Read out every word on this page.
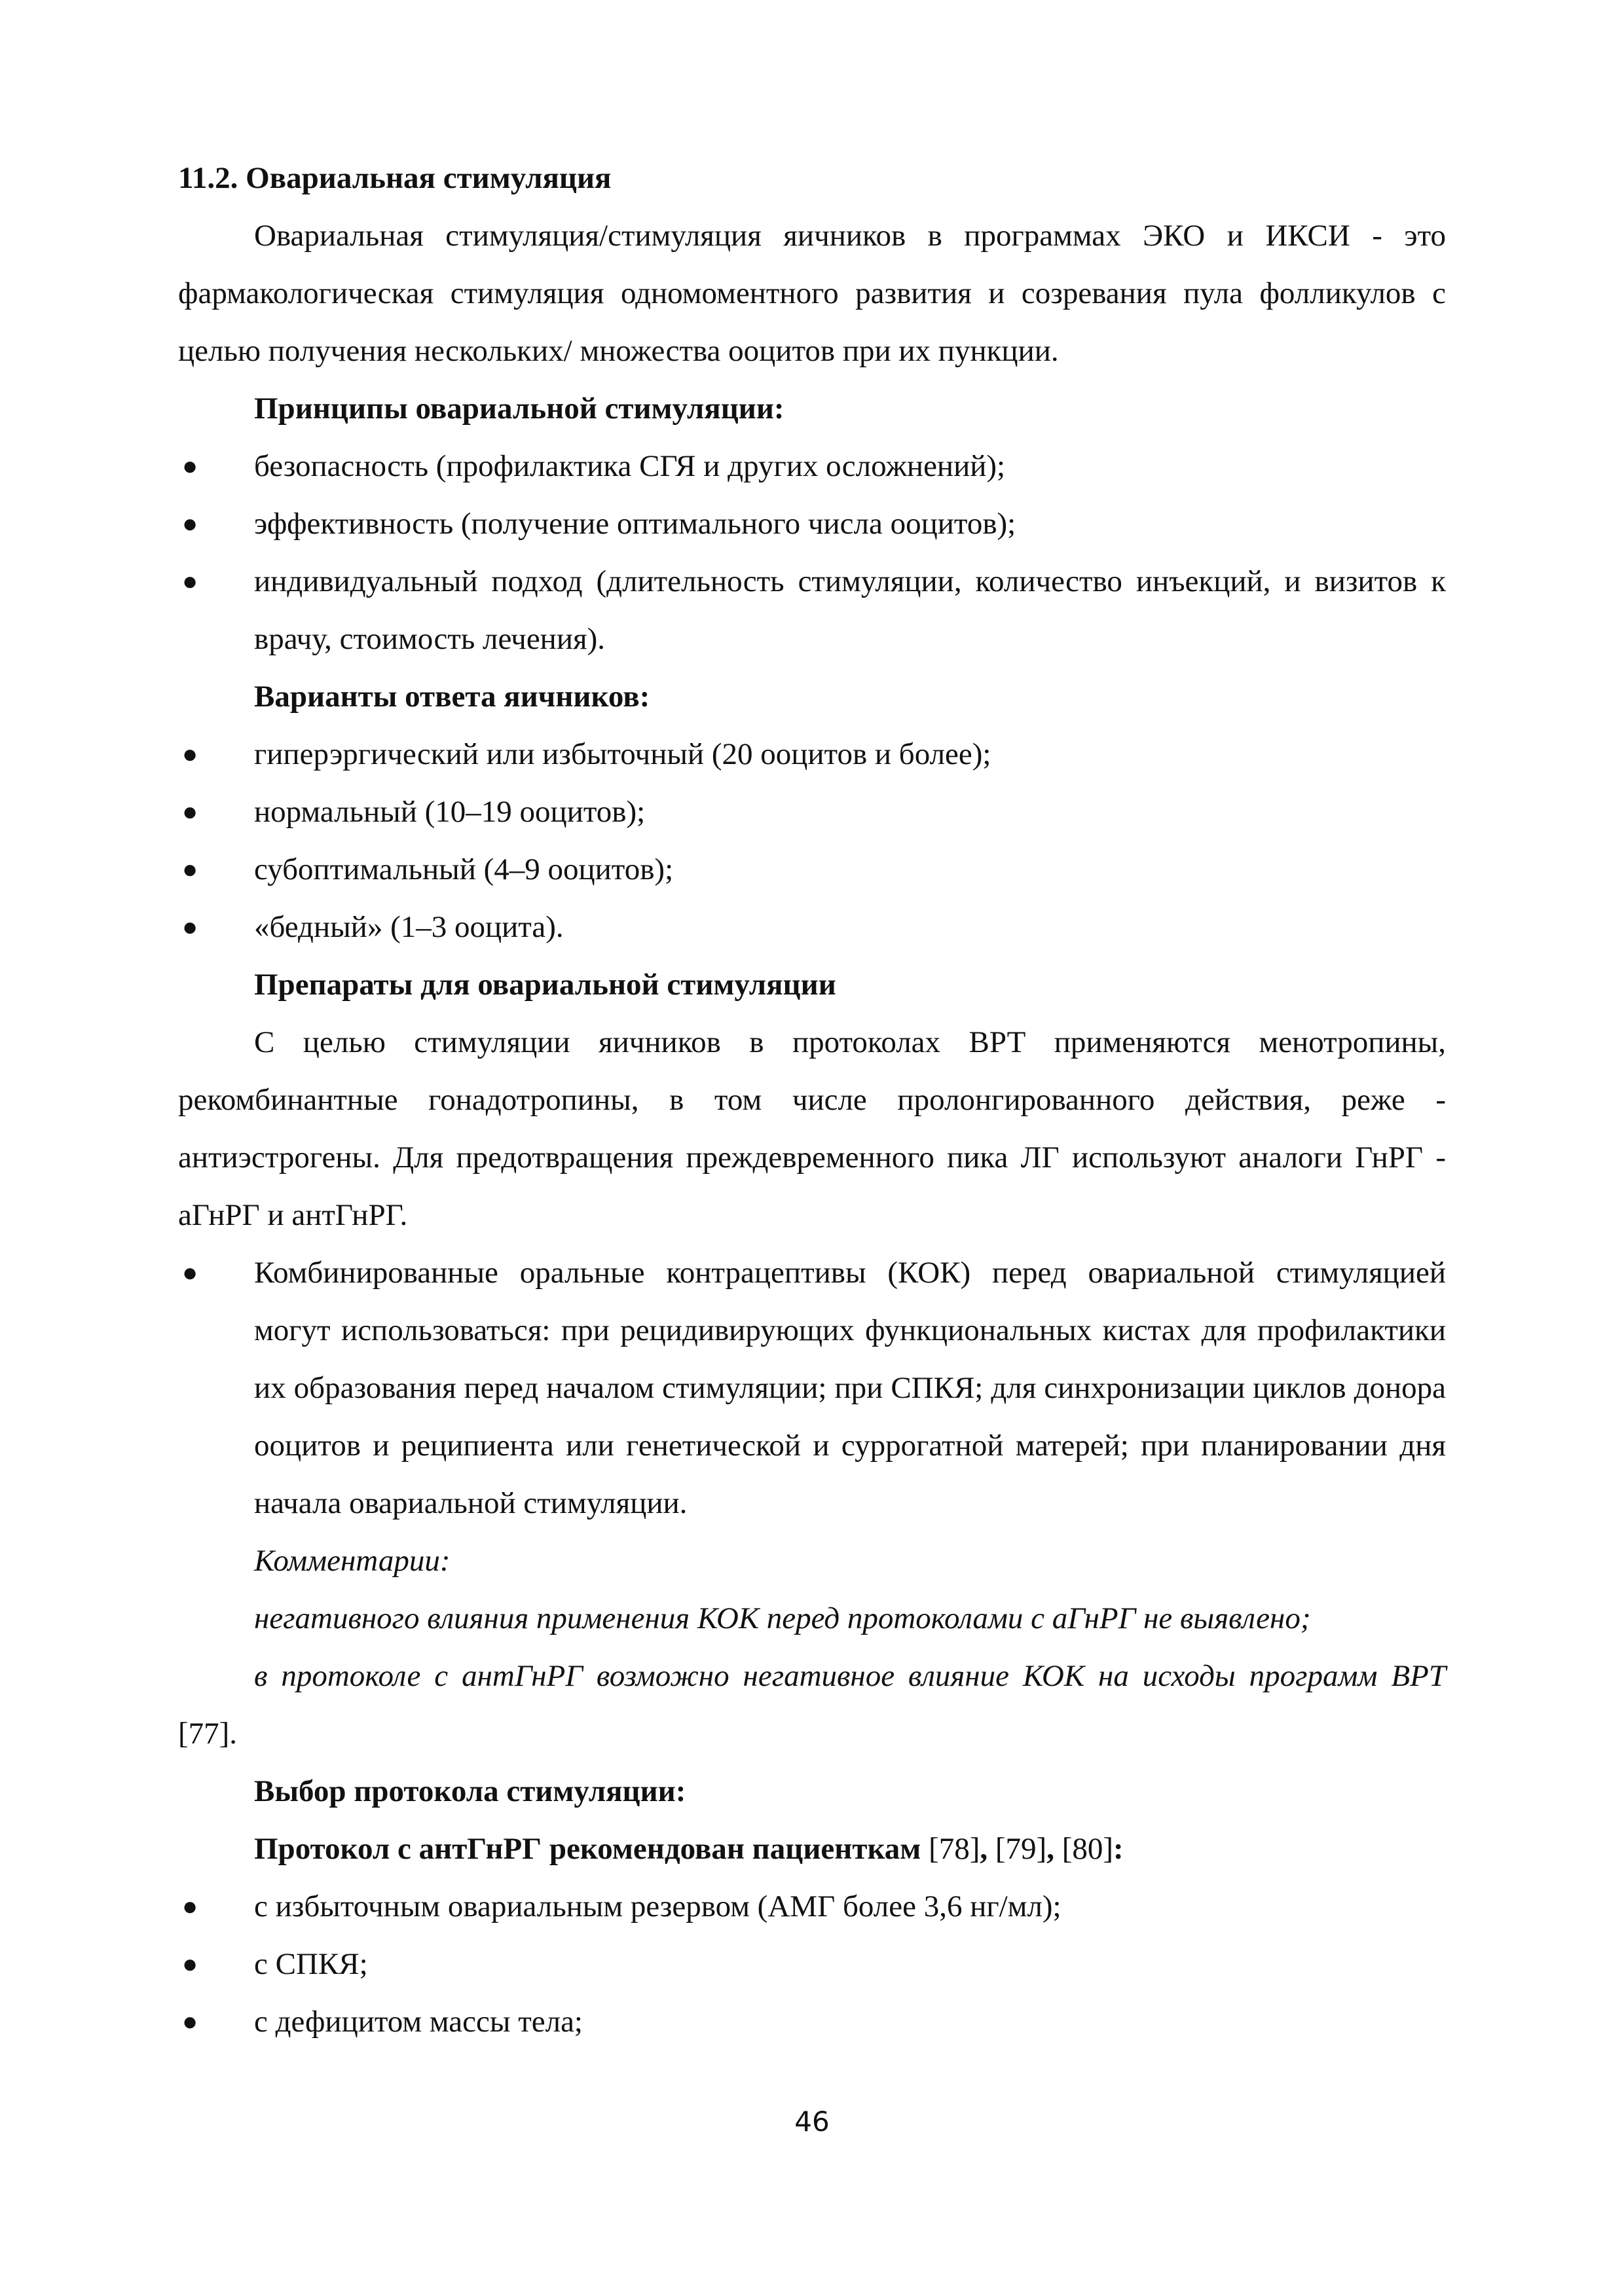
11.2. Овариальная стимуляция

Овариальная стимуляция/стимуляция яичников в программах ЭКО и ИКСИ - это фармакологическая стимуляция одномоментного развития и созревания пула фолликулов с целью получения нескольких/ множества ооцитов при их пункции.

Принципы овариальной стимуляции:

● безопасность (профилактика СГЯ и других осложнений);
● эффективность (получение оптимального числа ооцитов);
● индивидуальный подход (длительность стимуляции, количество инъекций, и визитов к врачу, стоимость лечения).

Варианты ответа яичников:

● гиперэргический или избыточный (20 ооцитов и более);
● нормальный (10–19 ооцитов);
● субоптимальный (4–9 ооцитов);
● «бедный» (1–3 ооцита).

Препараты для овариальной стимуляции

С целью стимуляции яичников в протоколах ВРТ применяются менотропины, рекомбинантные гонадотропины, в том числе пролонгированного действия, реже - антиэстрогены. Для предотвращения преждевременного пика ЛГ используют аналоги ГнРГ - аГнРГ и антГнРГ.

● Комбинированные оральные контрацептивы (КОК) перед овариальной стимуляцией могут использоваться: при рецидивирующих функциональных кистах для профилактики их образования перед началом стимуляции; при СПКЯ; для синхронизации циклов донора ооцитов и реципиента или генетической и суррогатной матерей; при планировании дня начала овариальной стимуляции.

Комментарии:

негативного влияния применения КОК перед протоколами с аГнРГ не выявлено;

в протоколе с антГнРГ возможно негативное влияние КОК на исходы программ ВРТ [77].

Выбор протокола стимуляции:

Протокол с антГнРГ рекомендован пациенткам [78], [79], [80]:

● с избыточным овариальным резервом (АМГ более 3,6 нг/мл);
● с СПКЯ;
● с дефицитом массы тела;
46
